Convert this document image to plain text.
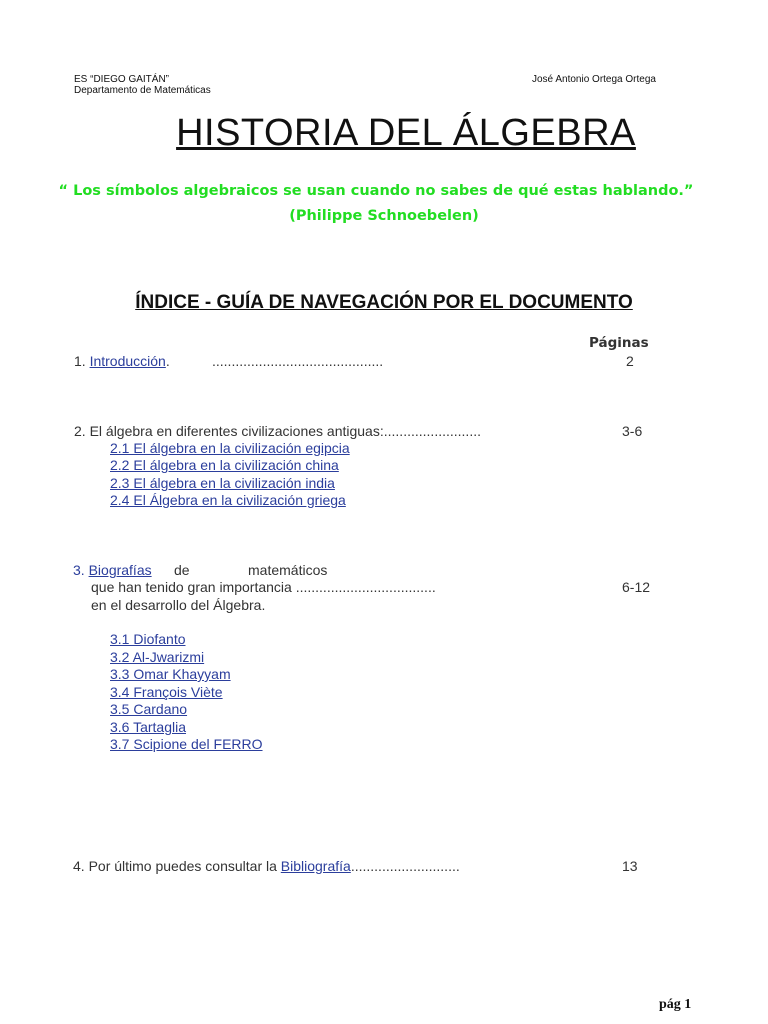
ES “DIEGO GAITÁN”
Departamento de Matemáticas
José Antonio Ortega Ortega
HISTORIA DEL ÁLGEBRA
“ Los símbolos algebraicos se usan cuando no sabes de qué estas hablando.”
(Philippe Schnoebelen)
ÍNDICE - GUÍA DE NAVEGACIÓN POR EL DOCUMENTO
Páginas
1. Introducción.	............................................	2
2. El álgebra en diferentes civilizaciones antiguas:.........................	3-6
2.1 El álgebra en la civilización egipcia
2.2 El álgebra en la civilización china
2.3 El álgebra en la civilización india
2.4 El Álgebra en la civilización griega
3. Biografías de	matemáticos
que han tenido gran importancia ....................................	6-12
en el desarrollo del Álgebra.
3.1 Diofanto
3.2 Al-Jwarizmi
3.3 Omar Khayyam
3.4 François Viète
3.5 Cardano
3.6 Tartaglia
3.7 Scipione del FERRO
4. Por último puedes consultar la Bibliografía............................	13
pág 1
